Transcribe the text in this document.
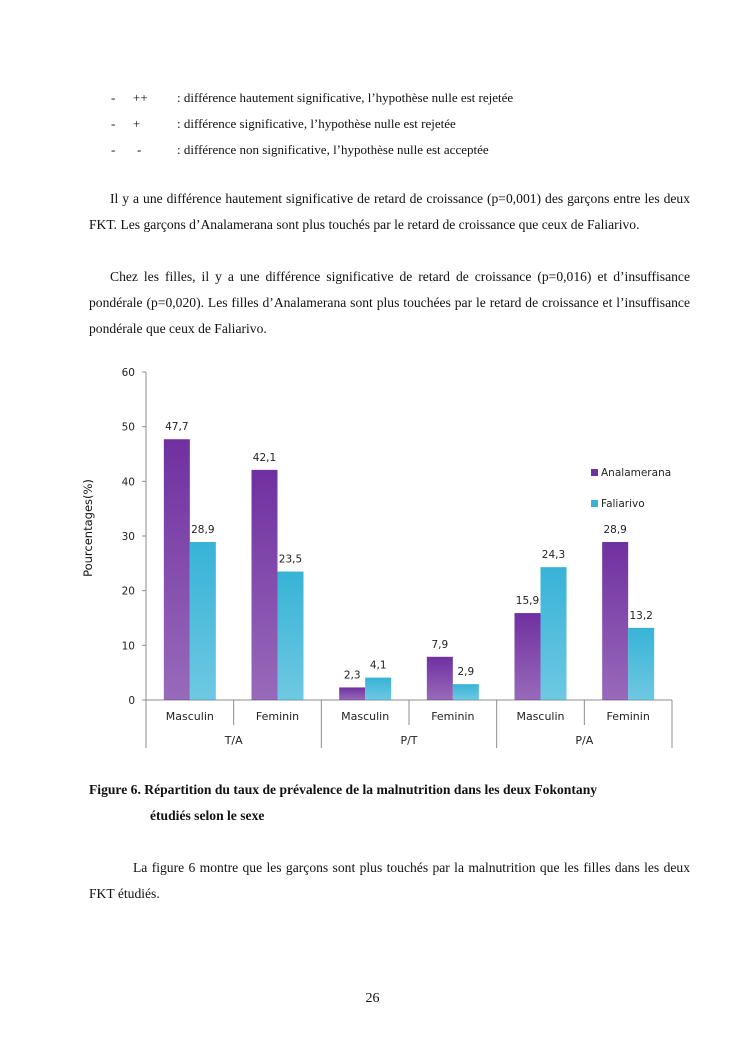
- ++ : différence hautement significative, l’hypothèse nulle est rejetée
- +	: différence significative, l’hypothèse nulle est rejetée
- -	: différence non significative, l’hypothèse nulle est acceptée
Il y a une différence hautement significative de retard de croissance (p=0,001) des garçons entre les deux FKT. Les garçons d’Analamerana sont plus touchés par le retard de croissance que ceux de Faliarivo.
Chez les filles, il y a une différence significative de retard de croissance (p=0,016) et d’insuffisance pondérale (p=0,020). Les filles d’Analamerana sont plus touchées par le retard de croissance et l’insuffisance pondérale que ceux de Faliarivo.
0
10
20
30
40
50
60
Pourcentages(%)
Masculin	Feminin	Masculin	Feminin	Masculin	Feminin
T/A	P/T	P/A
47,7
28,9
42,1
23,5
2,3
4,1
7,9
2,9
15,9
24,3
28,9
13,2
Analamerana
Faliarivo
Figure 6. Répartition du taux de prévalence de la malnutrition dans les deux Fokontany
étudiés selon le sexe
La figure 6 montre que les garçons sont plus touchés par la malnutrition que les filles dans les deux FKT étudiés.
26
